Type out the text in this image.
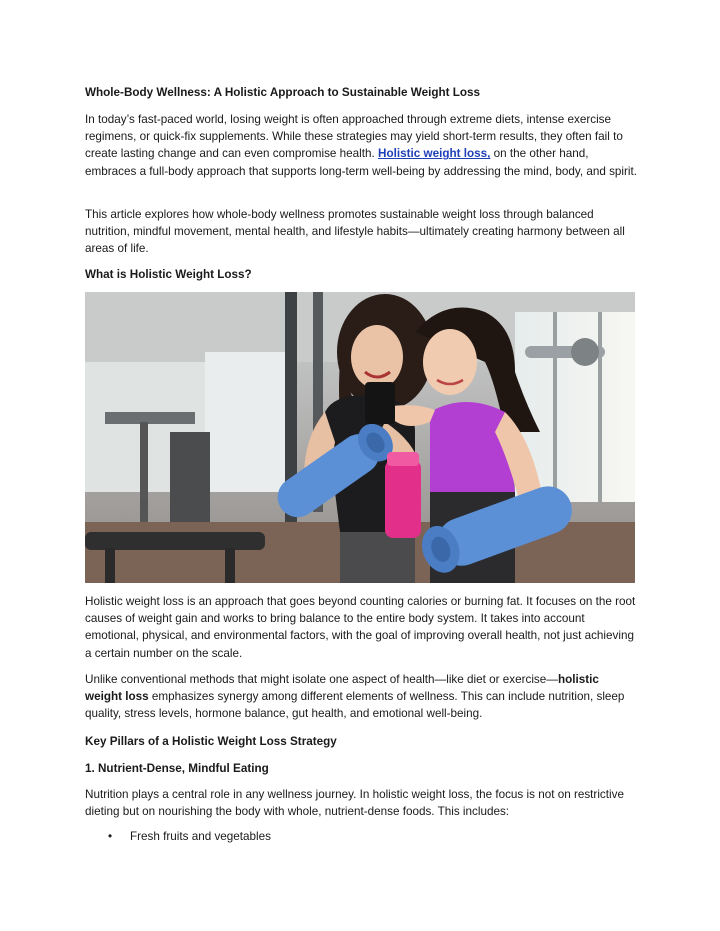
Whole-Body Wellness: A Holistic Approach to Sustainable Weight Loss
In today’s fast-paced world, losing weight is often approached through extreme diets, intense exercise regimens, or quick-fix supplements. While these strategies may yield short-term results, they often fail to create lasting change and can even compromise health. Holistic weight loss, on the other hand, embraces a full-body approach that supports long-term well-being by addressing the mind, body, and spirit.
This article explores how whole-body wellness promotes sustainable weight loss through balanced nutrition, mindful movement, mental health, and lifestyle habits—ultimately creating harmony between all areas of life.
What is Holistic Weight Loss?
Holistic weight loss is an approach that goes beyond counting calories or burning fat. It focuses on the root causes of weight gain and works to bring balance to the entire body system. It takes into account emotional, physical, and environmental factors, with the goal of improving overall health, not just achieving a certain number on the scale.
Unlike conventional methods that might isolate one aspect of health—like diet or exercise—holistic weight loss emphasizes synergy among different elements of wellness. This can include nutrition, sleep quality, stress levels, hormone balance, gut health, and emotional well-being.
Key Pillars of a Holistic Weight Loss Strategy
1. Nutrient-Dense, Mindful Eating
Nutrition plays a central role in any wellness journey. In holistic weight loss, the focus is not on restrictive dieting but on nourishing the body with whole, nutrient-dense foods. This includes:
• Fresh fruits and vegetables
